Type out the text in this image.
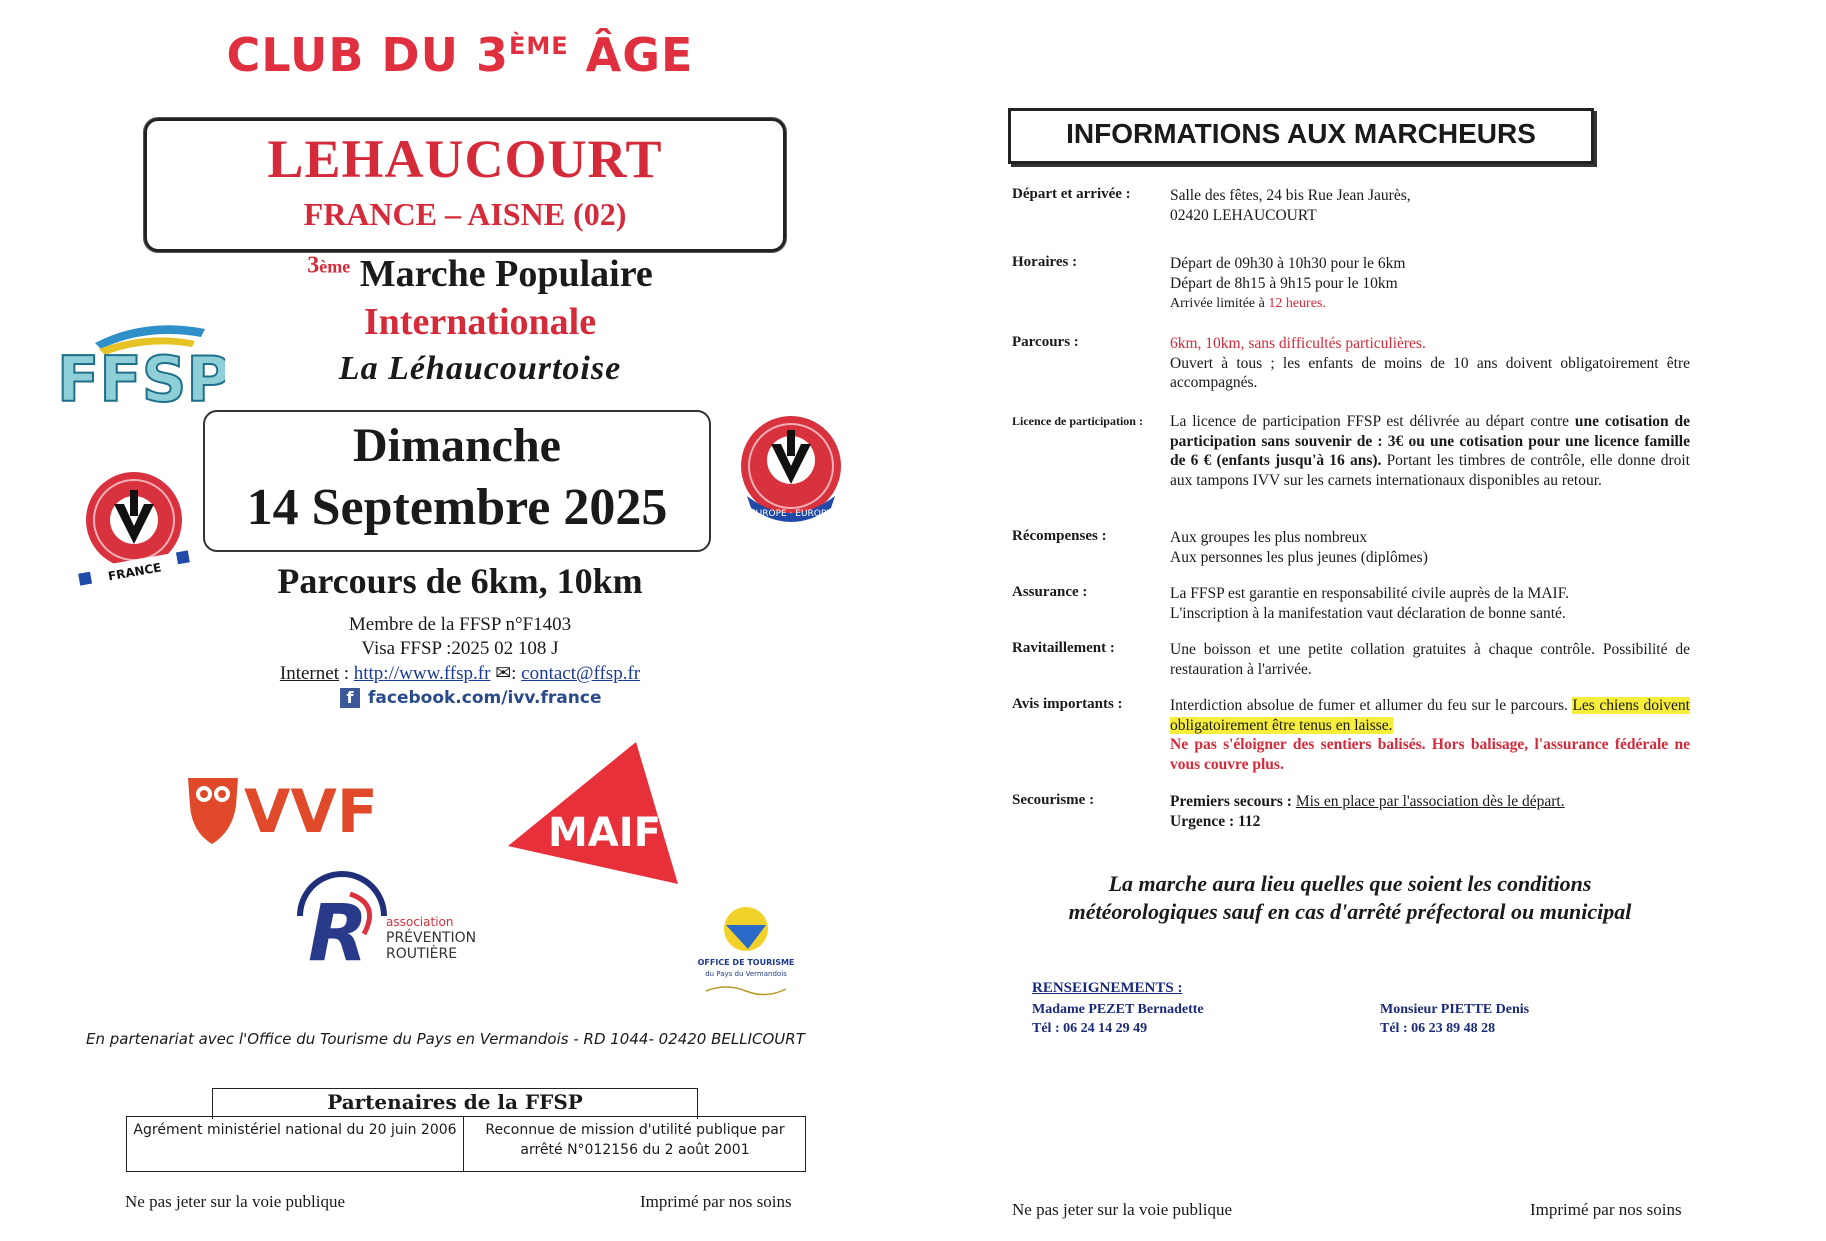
CLUB DU 3ÈME ÂGE
LEHAUCOURT
FRANCE – AISNE (02)
$^{3ème}$ Marche Populaire
Internationale
La Léhaucourtoise
FFSP
FRANCE
EUROPE · EUROPE
Dimanche
14 Septembre 2025
Parcours de 6km, 10km
Membre de la FFSP n°F1403
Visa FFSP :2025 02 108 J
Internet : http://www.ffsp.fr ✉: contact@ffsp.fr
f facebook.com/ivv.france
VVF	MAIF
R association
PRÉVENTION
ROUTIÈRE
OFFICE DE TOURISME
du Pays du Vermandois
En partenariat avec l'Office du Tourisme du Pays en Vermandois - RD 1044- 02420 BELLICOURT
Partenaires de la FFSP
Agrément ministériel national du 20 juin 2006	Reconnue de mission d'utilité publique par arrêté N°012156 du 2 août 2001
Ne pas jeter sur la voie publique	Imprimé par nos soins
INFORMATIONS AUX MARCHEURS
Départ et arrivée :	Salle des fêtes, 24 bis Rue Jean Jaurès,
02420 LEHAUCOURT
Horaires :	Départ de 09h30 à 10h30 pour le 6km
Départ de 8h15 à 9h15 pour le 10km
Arrivée limitée à 12 heures.
Parcours :	6km, 10km, sans difficultés particulières.
Ouvert à tous ; les enfants de moins de 10 ans doivent obligatoirement être accompagnés.
Licence de participation :	La licence de participation FFSP est délivrée au départ contre une cotisation de participation sans souvenir de : 3€ ou une cotisation pour une licence famille de 6 € (enfants jusqu'à 16 ans). Portant les timbres de contrôle, elle donne droit aux tampons IVV sur les carnets internationaux disponibles au retour.
Récompenses :	Aux groupes les plus nombreux
Aux personnes les plus jeunes (diplômes)
Assurance :	La FFSP est garantie en responsabilité civile auprès de la MAIF.
L'inscription à la manifestation vaut déclaration de bonne santé.
Ravitaillement :	Une boisson et une petite collation gratuites à chaque contrôle. Possibilité de restauration à l'arrivée.
Avis importants :	Interdiction absolue de fumer et allumer du feu sur le parcours. Les chiens doivent obligatoirement être tenus en laisse.
Ne pas s'éloigner des sentiers balisés. Hors balisage, l'assurance fédérale ne vous couvre plus.
Secourisme :	Premiers secours : Mis en place par l'association dès le départ.
Urgence : 112
La marche aura lieu quelles que soient les conditions
météorologiques sauf en cas d'arrêté préfectoral ou municipal
RENSEIGNEMENTS :
Madame PEZET Bernadette
Tél : 06 24 14 29 49
Monsieur PIETTE Denis
Tél : 06 23 89 48 28
Ne pas jeter sur la voie publique	Imprimé par nos soins
